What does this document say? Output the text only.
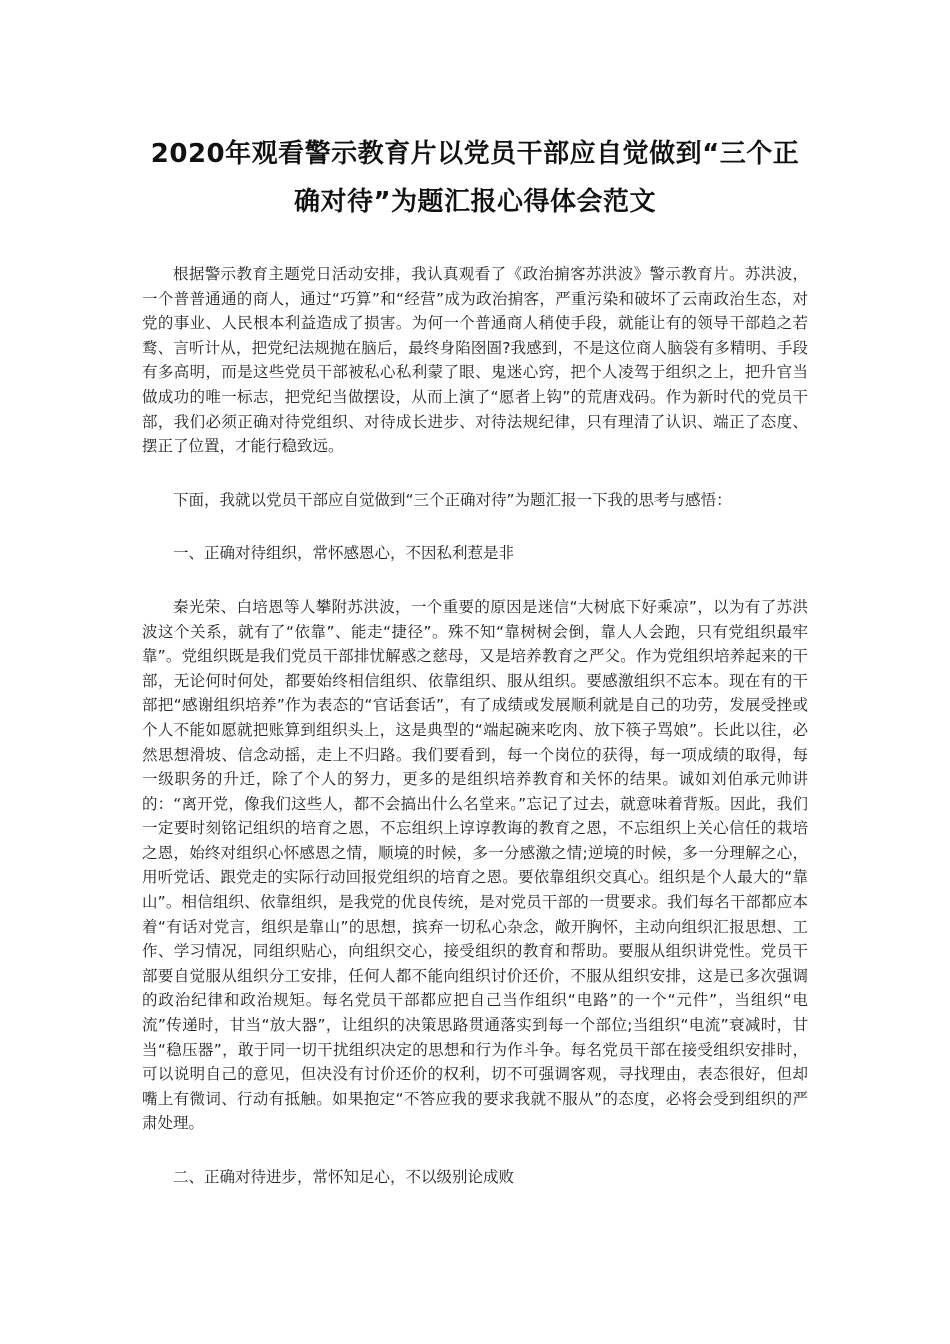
2020年观看警示教育片以党员干部应自觉做到“三个正确对待”为题汇报心得体会范文

根据警示教育主题党日活动安排，我认真观看了《政治掮客苏洪波》警示教育片。苏洪波，一个普普通通的商人，通过“巧算”和“经营”成为政治掮客，严重污染和破坏了云南政治生态，对党的事业、人民根本利益造成了损害。为何一个普通商人稍使手段，就能让有的领导干部趋之若鹜、言听计从，把党纪法规抛在脑后，最终身陷囹圄?我感到，不是这位商人脑袋有多精明、手段有多高明，而是这些党员干部被私心私利蒙了眼、鬼迷心窍，把个人凌驾于组织之上，把升官当做成功的唯一标志，把党纪当做摆设，从而上演了“愿者上钩”的荒唐戏码。作为新时代的党员干部，我们必须正确对待党组织、对待成长进步、对待法规纪律，只有理清了认识、端正了态度、摆正了位置，才能行稳致远。

下面，我就以党员干部应自觉做到“三个正确对待”为题汇报一下我的思考与感悟：

一、正确对待组织，常怀感恩心，不因私利惹是非

秦光荣、白培恩等人攀附苏洪波，一个重要的原因是迷信“大树底下好乘凉”，以为有了苏洪波这个关系，就有了“依靠”、能走“捷径”。殊不知“靠树树会倒，靠人人会跑，只有党组织最牢靠”。党组织既是我们党员干部排忧解惑之慈母，又是培养教育之严父。作为党组织培养起来的干部，无论何时何处，都要始终相信组织、依靠组织、服从组织。要感激组织不忘本。现在有的干部把“感谢组织培养”作为表态的“官话套话”，有了成绩或发展顺利就是自己的功劳，发展受挫或个人不能如愿就把账算到组织头上，这是典型的“端起碗来吃肉、放下筷子骂娘”。长此以往，必然思想滑坡、信念动摇，走上不归路。我们要看到，每一个岗位的获得，每一项成绩的取得，每一级职务的升迁，除了个人的努力，更多的是组织培养教育和关怀的结果。诚如刘伯承元帅讲的：“离开党，像我们这些人，都不会搞出什么名堂来。”忘记了过去，就意味着背叛。因此，我们一定要时刻铭记组织的培育之恩，不忘组织上谆谆教诲的教育之恩，不忘组织上关心信任的栽培之恩，始终对组织心怀感恩之情，顺境的时候，多一分感激之情;逆境的时候，多一分理解之心，用听党话、跟党走的实际行动回报党组织的培育之恩。要依靠组织交真心。组织是个人最大的“靠山”。相信组织、依靠组织，是我党的优良传统，是对党员干部的一贯要求。我们每名干部都应本着“有话对党言，组织是靠山”的思想，摈弃一切私心杂念，敞开胸怀，主动向组织汇报思想、工作、学习情况，同组织贴心，向组织交心，接受组织的教育和帮助。要服从组织讲党性。党员干部要自觉服从组织分工安排，任何人都不能向组织讨价还价，不服从组织安排，这是已多次强调的政治纪律和政治规矩。每名党员干部都应把自己当作组织“电路”的一个“元件”，当组织“电流”传递时，甘当“放大器”，让组织的决策思路贯通落实到每一个部位;当组织“电流”衰减时，甘当“稳压器”，敢于同一切干扰组织决定的思想和行为作斗争。每名党员干部在接受组织安排时，可以说明自己的意见，但决没有讨价还价的权利，切不可强调客观，寻找理由，表态很好，但却嘴上有微词、行动有抵触。如果抱定“不答应我的要求我就不服从”的态度，必将会受到组织的严肃处理。

二、正确对待进步，常怀知足心，不以级别论成败
